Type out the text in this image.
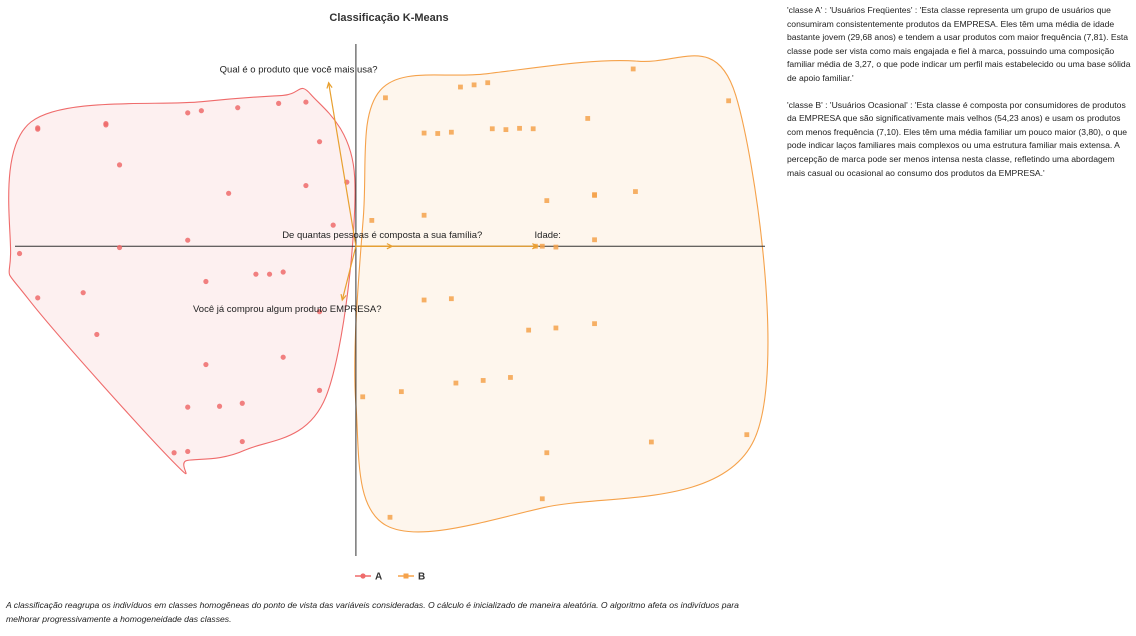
Classificação K-Means
Qual é o produto que você mais usa?
De quantas pessoas é composta a sua família?	Idade:
Você já comprou algum produto EMPRESA?
A	B

'classe A' : 'Usuários Freqüentes' : 'Esta classe representa um grupo de usuários que consumiram consistentemente produtos da EMPRESA. Eles têm uma média de idade bastante jovem (29,68 anos) e tendem a usar produtos com maior frequência (7,81). Esta classe pode ser vista como mais engajada e fiel à marca, possuindo uma composição familiar média de 3,27, o que pode indicar um perfil mais estabelecido ou uma base sólida de apoio familiar.'

'classe B' : 'Usuários Ocasional' : 'Esta classe é composta por consumidores de produtos da EMPRESA que são significativamente mais velhos (54,23 anos) e usam os produtos com menos frequência (7,10). Eles têm uma média familiar um pouco maior (3,80), o que pode indicar laços familiares mais complexos ou uma estrutura familiar mais extensa. A percepção de marca pode ser menos intensa nesta classe, refletindo uma abordagem mais casual ou ocasional ao consumo dos produtos da EMPRESA.'

A classificação reagrupa os indivíduos em classes homogêneas do ponto de vista das variáveis consideradas. O cálculo é inicializado de maneira aleatória. O algoritmo afeta os indivíduos para melhorar progressivamente a homogeneidade das classes.
